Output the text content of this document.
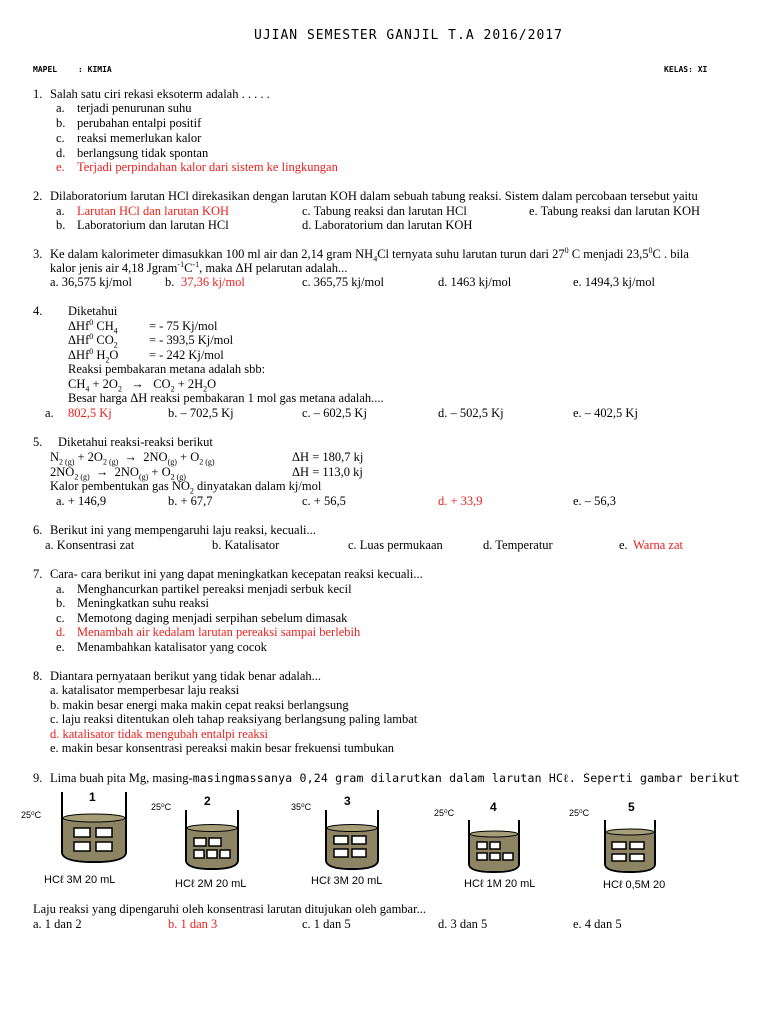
UJIAN SEMESTER GANJIL T.A 2016/2017
MAPEL	: KIMIA	KELAS: XI
1. Salah satu ciri rekasi eksoterm adalah . . . . .
a. terjadi penurunan suhu
b. perubahan entalpi positif
c. reaksi memerlukan kalor
d. berlangsung tidak spontan
e. Terjadi perpindahan kalor dari sistem ke lingkungan
2. Dilaboratorium larutan HCl direkasikan dengan larutan KOH dalam sebuah tabung reaksi. Sistem dalam percobaan tersebut yaitu
a. Larutan HCl dan larutan KOH	c. Tabung reaksi dan larutan HCl	e. Tabung reaksi dan larutan KOH
b. Laboratorium dan larutan HCl	d. Laboratorium dan larutan KOH
3. Ke dalam kalorimeter dimasukkan 100 ml air dan 2,14 gram $NH_4Cl$ ternyata suhu larutan turun dari $27^0$ C menjadi 23,5$^0$C . bila
kalor jenis air 4,18 $Jgram^{-1}C^{-1}$, maka ΔH pelarutan adalah...
a. 36,575 kj/mol	b. 37,36 kj/mol	c. 365,75 kj/mol	d. 1463 kj/mol	e. 1494,3 kj/mol
4. Diketahui
ΔHf$^0$ $CH_4$	= - 75 Kj/mol
ΔHf$^0$ $CO_2$	= - 393,5 Kj/mol
ΔHf$^0$ $H_2O$ = - 242 Kj/mol
Reaksi pembakaran metana adalah sbb:
$CH_4 + 2O_2 \to CO_2 + 2H_2O$
Besar harga ΔH reaksi pembakaran 1 mol gas metana adalah....
a. 802,5 Kj	b. – 702,5 Kj	c. – 602,5 Kj	d. – 502,5 Kj	e. – 402,5 Kj
5. Diketahui reaksi-reaksi berikut
$N_{2 (g)} + 2O_{2 (g)} \to 2NO_{(g)} + O_{2 (g)}$	ΔH = 180,7 kj
$2NO_{2 (g)} \to 2NO_{(g)} + O_{2 (g)}$	ΔH = 113,0 kj
Kalor pembentukan gas $NO_2$ dinyatakan dalam kj/mol
a. + 146,9	b. + 67,7	c. + 56,5	d. + 33,9	e. – 56,3
6. Berikut ini yang mempengaruhi laju reaksi, kecuali...
a. Konsentrasi zat	b. Katalisator	c. Luas permukaan	d. Temperatur	e. Warna zat
7. Cara- cara berikut ini yang dapat meningkatkan kecepatan reaksi kecuali...
a. Menghancurkan partikel pereaksi menjadi serbuk kecil
b. Meningkatkan suhu reaksi
c. Memotong daging menjadi serpihan sebelum dimasak
d. Menambah air kedalam larutan pereaksi sampai berlebih
e. Menambahkan katalisator yang cocok
8. Diantara pernyataan berikut yang tidak benar adalah...
a. katalisator memperbesar laju reaksi
b. makin besar energi maka makin cepat reaksi berlangsung
c. laju reaksi ditentukan oleh tahap reaksiyang berlangsung paling lambat
d. katalisator tidak mengubah entalpi reaksi
e. makin besar konsentrasi pereaksi makin besar frekuensi tumbukan
9. Lima buah pita Mg, masing-masingmassanya 0,24 gram dilarutkan dalam larutan HCℓ. Seperti gambar berikut
1
25⁰C
HCℓ 3M 20 mL
2
25⁰C
HCℓ 2M 20 mL
3
35⁰C
HCℓ 3M 20 mL
4
25⁰C
HCℓ 1M 20 mL
5
25⁰C
HCℓ 0,5M 20
Laju reaksi yang dipengaruhi oleh konsentrasi larutan ditujukan oleh gambar...
a. 1 dan 2	b. 1 dan 3	c. 1 dan 5	d. 3 dan 5	e. 4 dan 5
